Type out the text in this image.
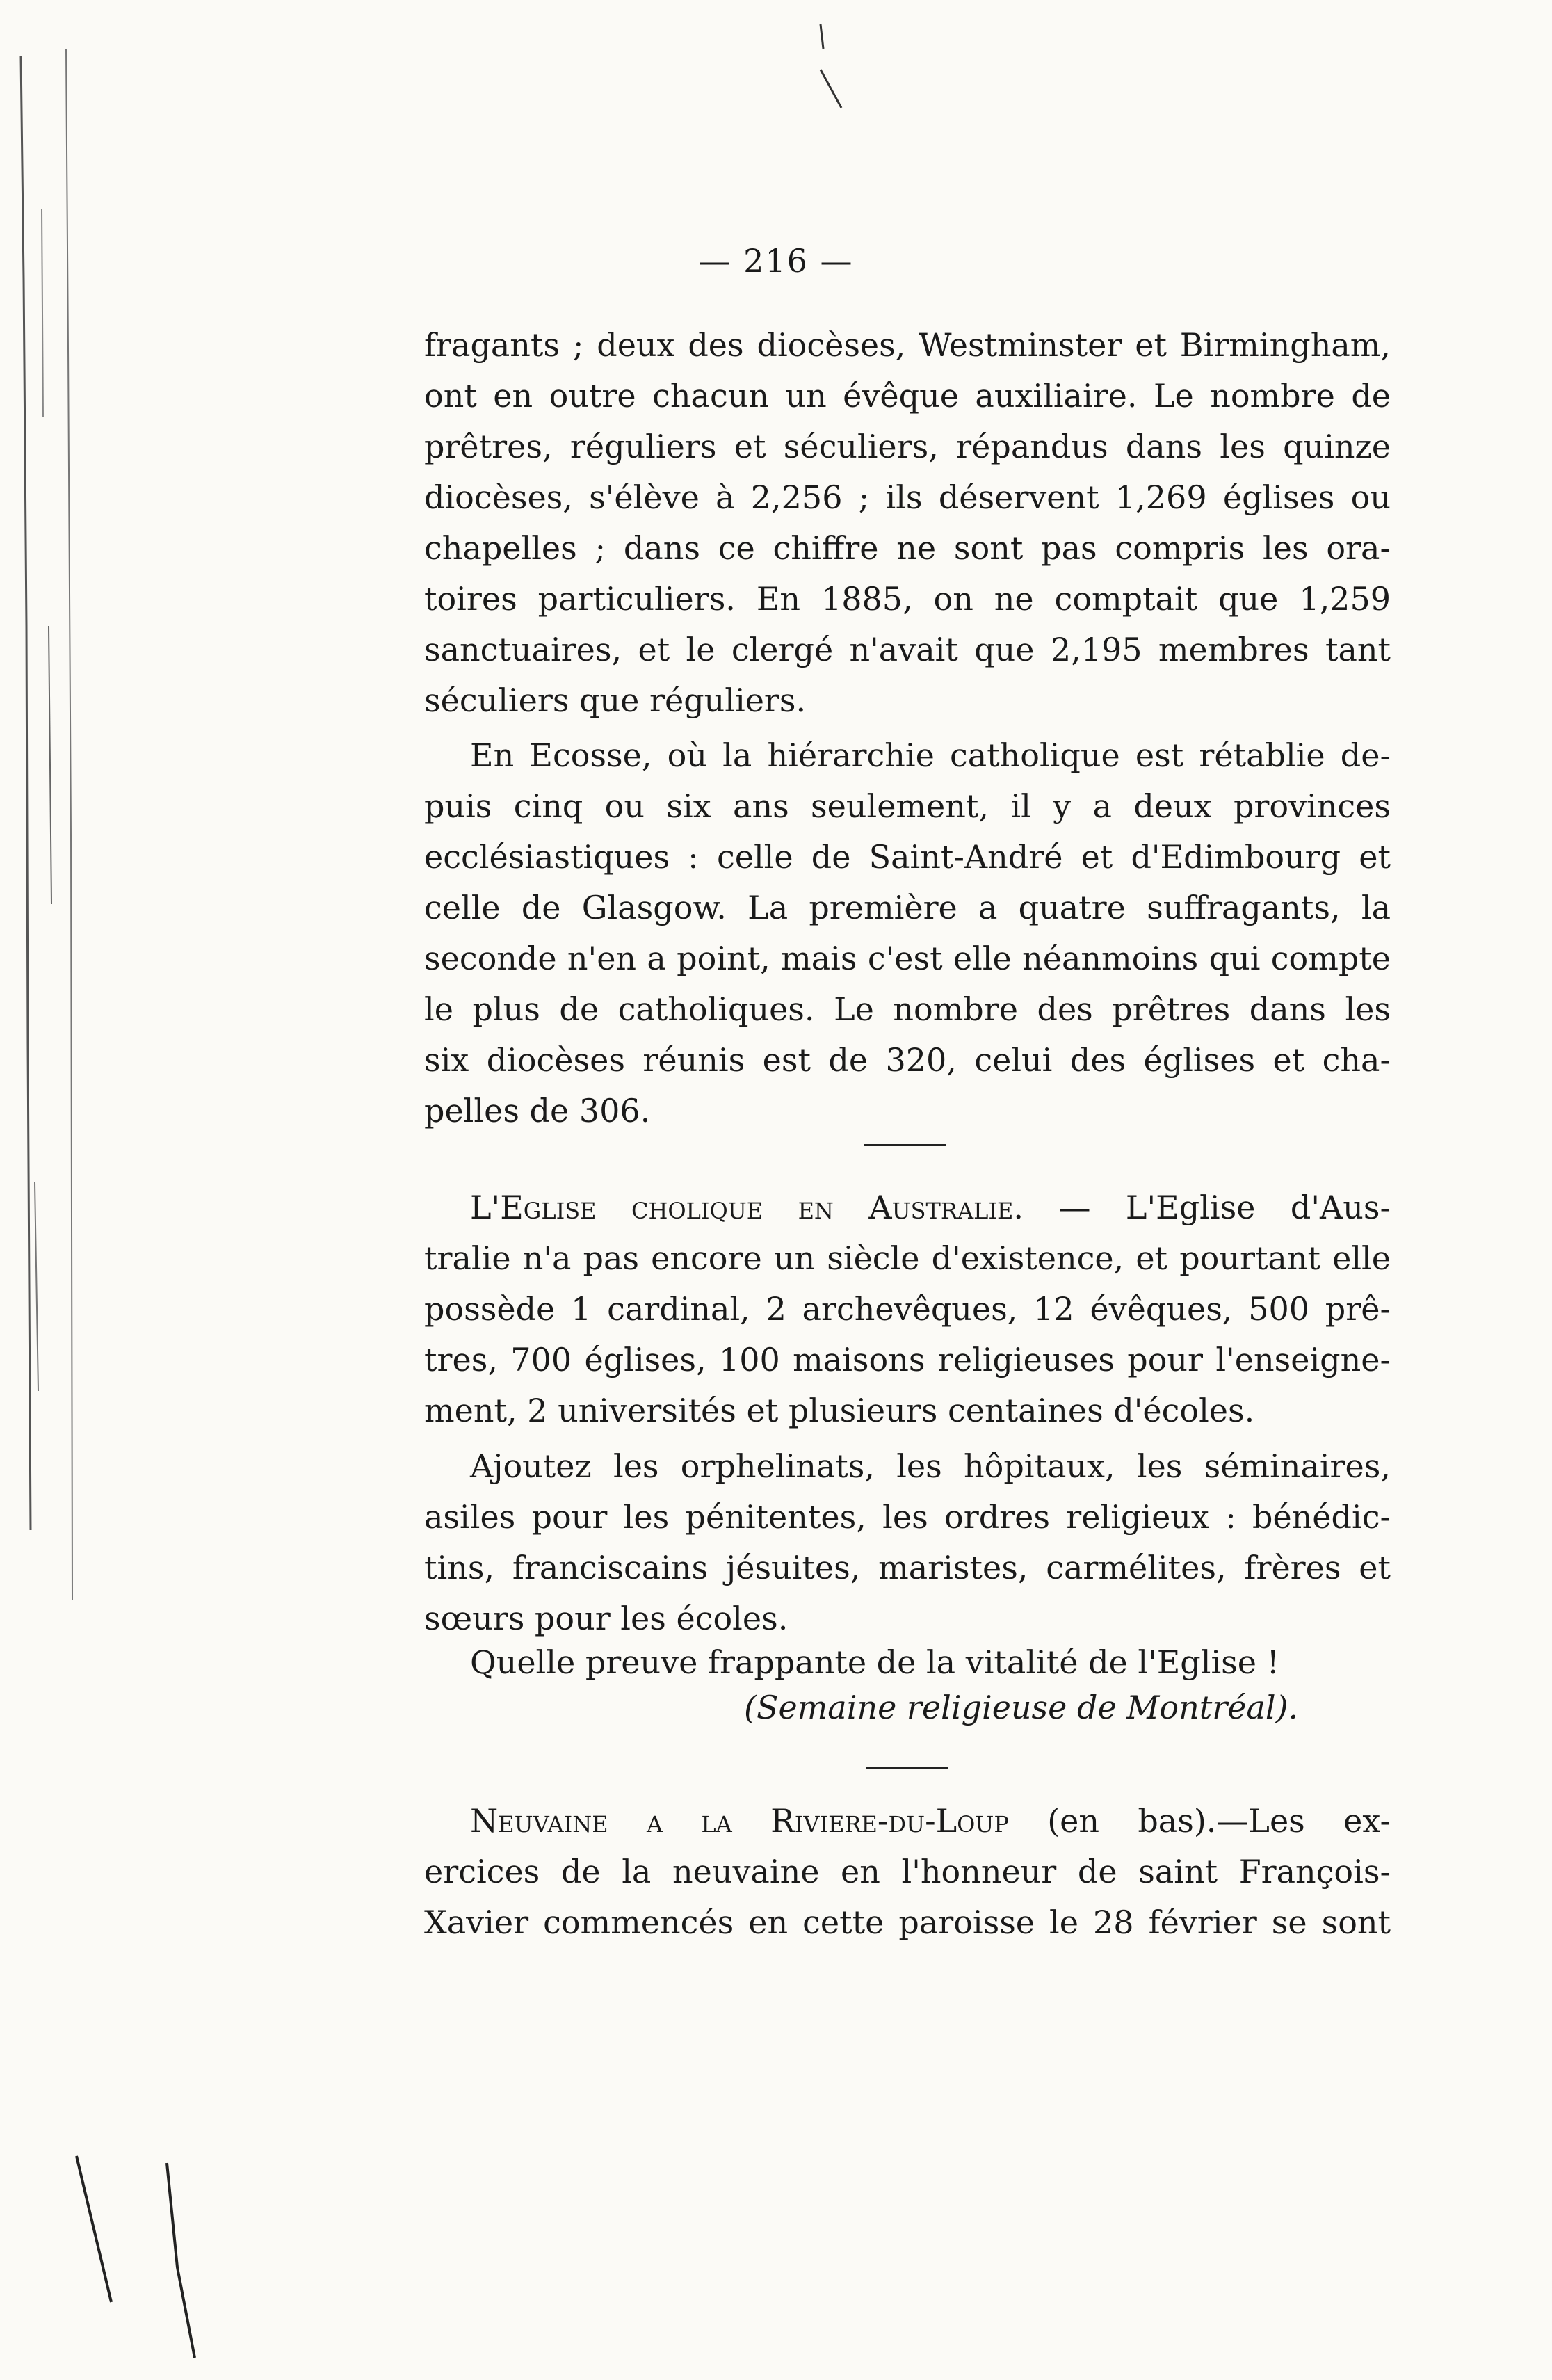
— 216 —
fragants ; deux des diocèses, Westminster et Birmingham,
ont en outre chacun un évêque auxiliaire. Le nombre de
prêtres, réguliers et séculiers, répandus dans les quinze
diocèses, s'élève à 2,256 ; ils déservent 1,269 églises ou
chapelles ; dans ce chiffre ne sont pas compris les ora-
toires particuliers. En 1885, on ne comptait que 1,259
sanctuaires, et le clergé n'avait que 2,195 membres tant
séculiers que réguliers.
En Ecosse, où la hiérarchie catholique est rétablie de-
puis cinq ou six ans seulement, il y a deux provinces
ecclésiastiques : celle de Saint-André et d'Edimbourg et
celle de Glasgow. La première a quatre suffragants, la
seconde n'en a point, mais c'est elle néanmoins qui compte
le plus de catholiques. Le nombre des prêtres dans les
six diocèses réunis est de 320, celui des églises et cha-
pelles de 306.
L'Eglise cholique en Australie. — L'Eglise d'Aus-
tralie n'a pas encore un siècle d'existence, et pourtant elle
possède 1 cardinal, 2 archevêques, 12 évêques, 500 prê-
tres, 700 églises, 100 maisons religieuses pour l'enseigne-
ment, 2 universités et plusieurs centaines d'écoles.
Ajoutez les orphelinats, les hôpitaux, les séminaires,
asiles pour les pénitentes, les ordres religieux : bénédic-
tins, franciscains jésuites, maristes, carmélites, frères et
sœurs pour les écoles.
Quelle preuve frappante de la vitalité de l'Eglise !
(Semaine religieuse de Montréal).
Neuvaine a la Riviere-du-Loup (en bas).—Les ex-
ercices de la neuvaine en l'honneur de saint François-
Xavier commencés en cette paroisse le 28 février se sont
